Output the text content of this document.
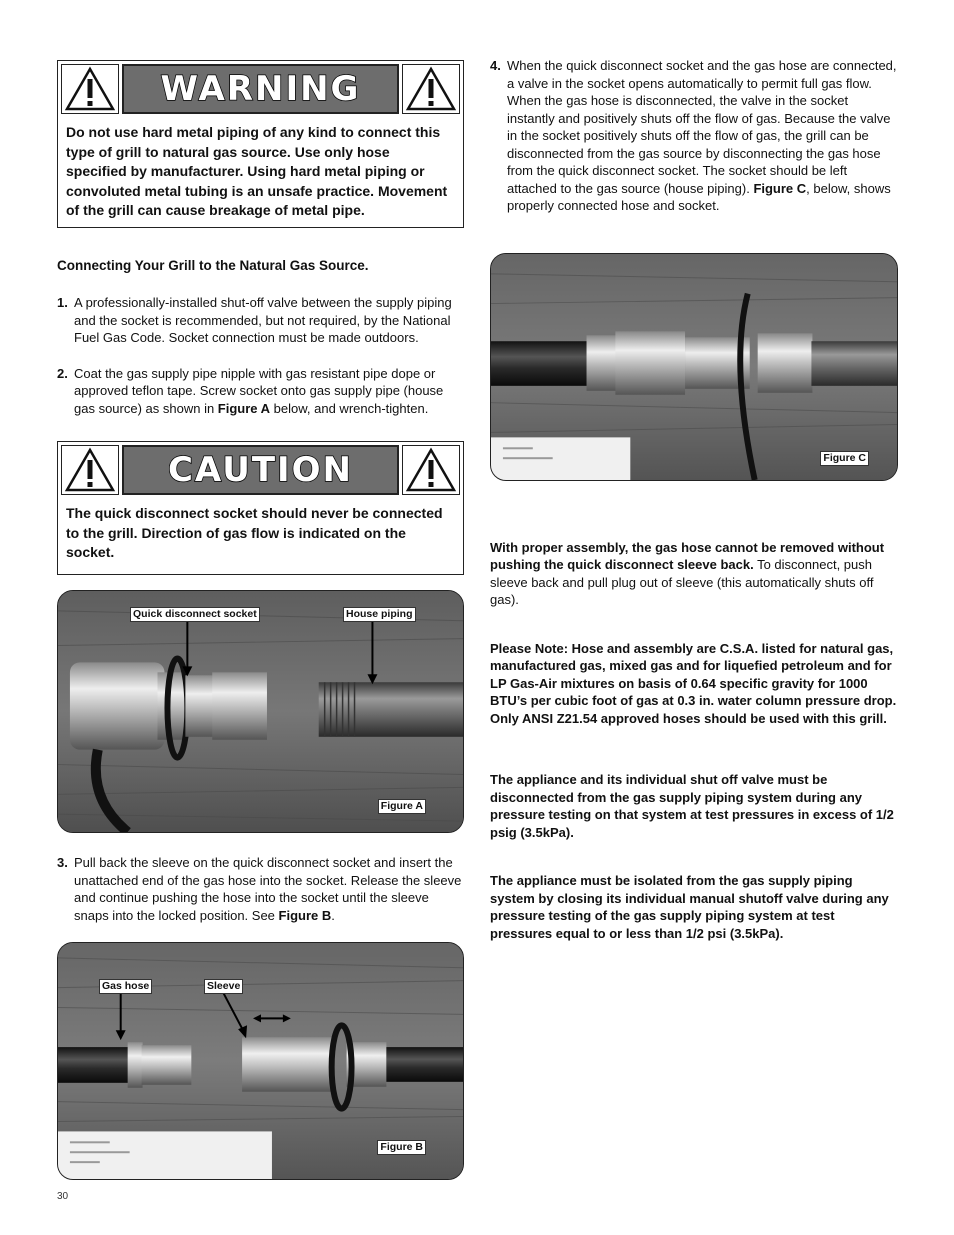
WARNING
Do not use hard metal piping of any kind to connect this type of grill to natural gas source. Use only hose specified by manufacturer. Using hard metal piping or convoluted metal tubing is an unsafe practice. Movement of the grill can cause breakage of metal pipe.
Connecting Your Grill to the Natural Gas Source.
1. A professionally-installed shut-off valve between the supply piping and the socket is recommended, but not required, by the National Fuel Gas Code. Socket connection must be made outdoors.
2. Coat the gas supply pipe nipple with gas resistant pipe dope or approved teflon tape. Screw socket onto gas supply pipe (house gas source) as shown in Figure A below, and wrench-tighten.
CAUTION
The quick disconnect socket should never be connected to the grill. Direction of gas flow is indicated on the socket.
Quick disconnect socket	House piping
Figure A
3. Pull back the sleeve on the quick disconnect socket and insert the unattached end of the gas hose into the socket. Release the sleeve and continue pushing the hose into the socket until the sleeve snaps into the locked position. See Figure B.
Gas hose	Sleeve
Figure B
4. When the quick disconnect socket and the gas hose are connected, a valve in the socket opens automatically to permit full gas flow. When the gas hose is disconnected, the valve in the socket instantly and positively shuts off the flow of gas. Because the valve in the socket positively shuts off the flow of gas, the grill can be disconnected from the gas source by disconnecting the gas hose from the quick disconnect socket. The socket should be left attached to the gas source (house piping). Figure C, below, shows properly connected hose and socket.
Figure C
With proper assembly, the gas hose cannot be removed without pushing the quick disconnect sleeve back. To disconnect, push sleeve back and pull plug out of sleeve (this automatically shuts off gas).
Please Note: Hose and assembly are C.S.A. listed for natural gas, manufactured gas, mixed gas and for liquefied petroleum and for LP Gas-Air mixtures on basis of 0.64 specific gravity for 1000 BTU’s per cubic foot of gas at 0.3 in. water column pressure drop. Only ANSI Z21.54 approved hoses should be used with this grill.
The appliance and its individual shut off valve must be disconnected from the gas supply piping system during any pressure testing on that system at test pressures in excess of 1/2 psig (3.5kPa).
The appliance must be isolated from the gas supply piping system by closing its individual manual shutoff valve during any pressure testing of the gas supply piping system at test pressures equal to or less than 1/2 psi (3.5kPa).
30
